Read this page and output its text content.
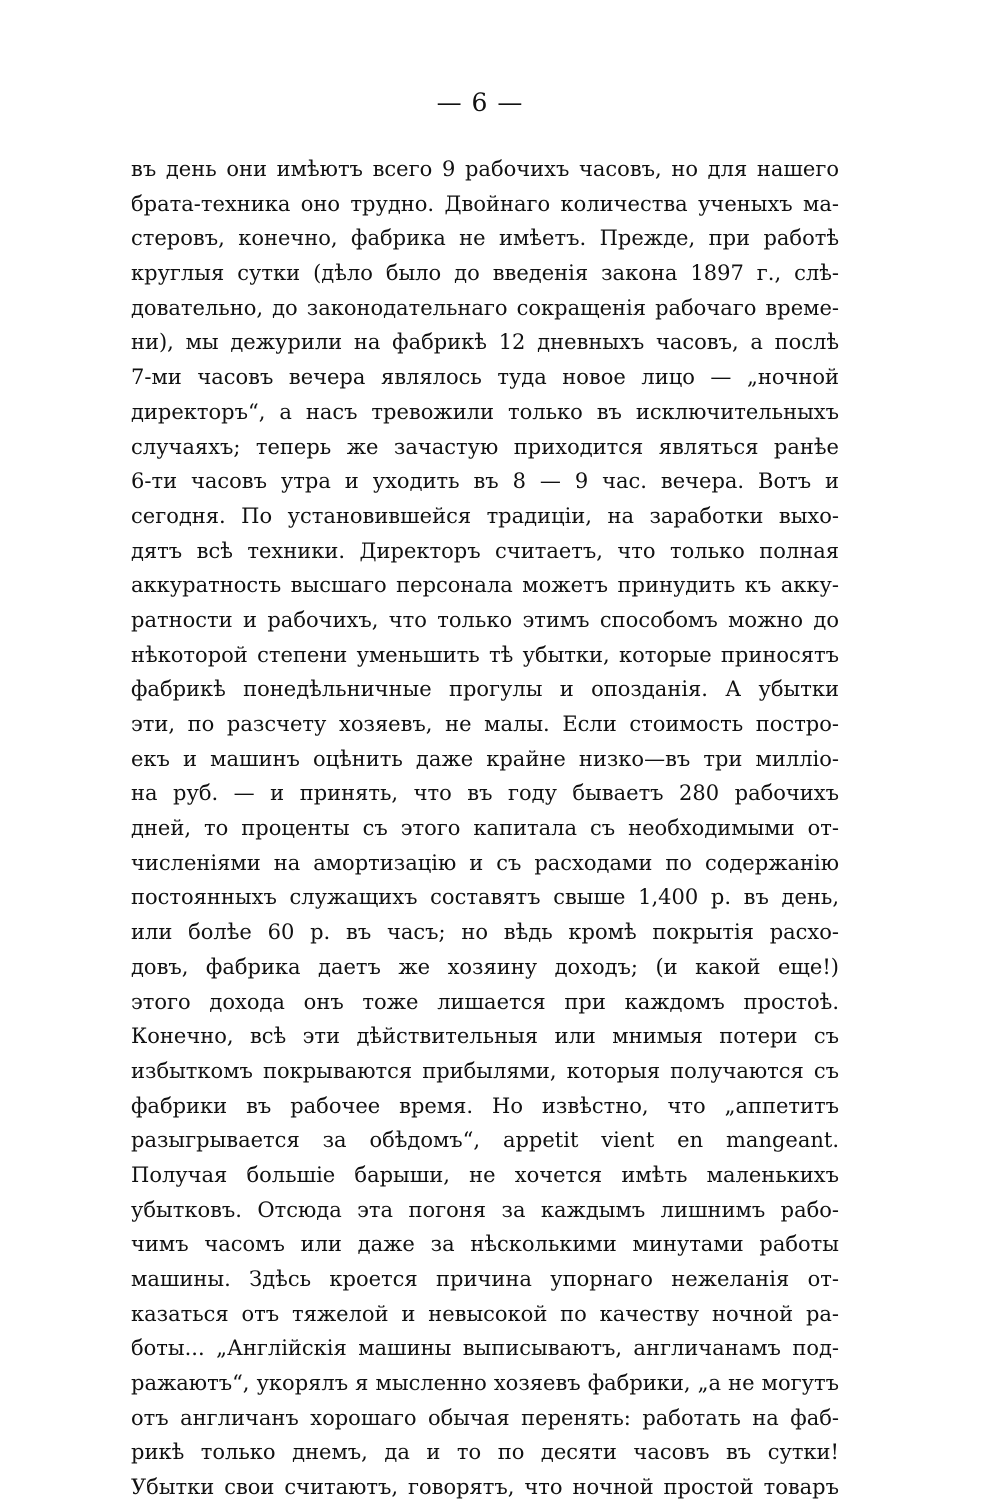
— 6 —
въ день они имѣютъ всего 9 рабочихъ часовъ, но для нашего
брата-техника оно трудно. Двойнаго количества ученыхъ ма-
стеровъ, конечно, фабрика не имѣетъ. Прежде, при работѣ
круглыя сутки (дѣло было до введенія закона 1897 г., слѣ-
довательно, до законодательнаго сокращенія рабочаго време-
ни), мы дежурили на фабрикѣ 12 дневныхъ часовъ, а послѣ
7-ми часовъ вечера являлось туда новое лицо — „ночной
директоръ“, а насъ тревожили только въ исключительныхъ
случаяхъ; теперь же зачастую приходится являться ранѣе
6-ти часовъ утра и уходить въ 8 — 9 час. вечера. Вотъ и
сегодня. По установившейся традиціи, на заработки выхо-
дятъ всѣ техники. Директоръ считаетъ, что только полная
аккуратность высшаго персонала можетъ принудить къ акку-
ратности и рабочихъ, что только этимъ способомъ можно до
нѣкоторой степени уменьшить тѣ убытки, которые приносятъ
фабрикѣ понедѣльничные прогулы и опозданія. А убытки
эти, по разсчету хозяевъ, не малы. Если стоимость постро-
екъ и машинъ оцѣнить даже крайне низко—въ три милліо-
на руб. — и принять, что въ году бываетъ 280 рабочихъ
дней, то проценты съ этого капитала съ необходимыми от-
численіями на амортизацію и съ расходами по содержанію
постоянныхъ служащихъ составятъ свыше 1,400 р. въ день,
или болѣе 60 р. въ часъ; но вѣдь кромѣ покрытія расхо-
довъ, фабрика даетъ же хозяину доходъ; (и какой еще!)
этого дохода онъ тоже лишается при каждомъ простоѣ.
Конечно, всѣ эти дѣйствительныя или мнимыя потери съ
избыткомъ покрываются прибылями, которыя получаются съ
фабрики въ рабочее время. Но извѣстно, что „аппетитъ
разыгрывается за обѣдомъ“, appetit vient en mangeant.
Получая большіе барыши, не хочется имѣть маленькихъ
убытковъ. Отсюда эта погоня за каждымъ лишнимъ рабо-
чимъ часомъ или даже за нѣсколькими минутами работы
машины. Здѣсь кроется причина упорнаго нежеланія от-
казаться отъ тяжелой и невысокой по качеству ночной ра-
боты... „Англійскія машины выписываютъ, англичанамъ под-
ражаютъ“, укорялъ я мысленно хозяевъ фабрики, „а не могутъ
отъ англичанъ хорошаго обычая перенять: работать на фаб-
рикѣ только днемъ, да и то по десяти часовъ въ сутки!
Убытки свои считаютъ, говорятъ, что ночной простой товаръ
